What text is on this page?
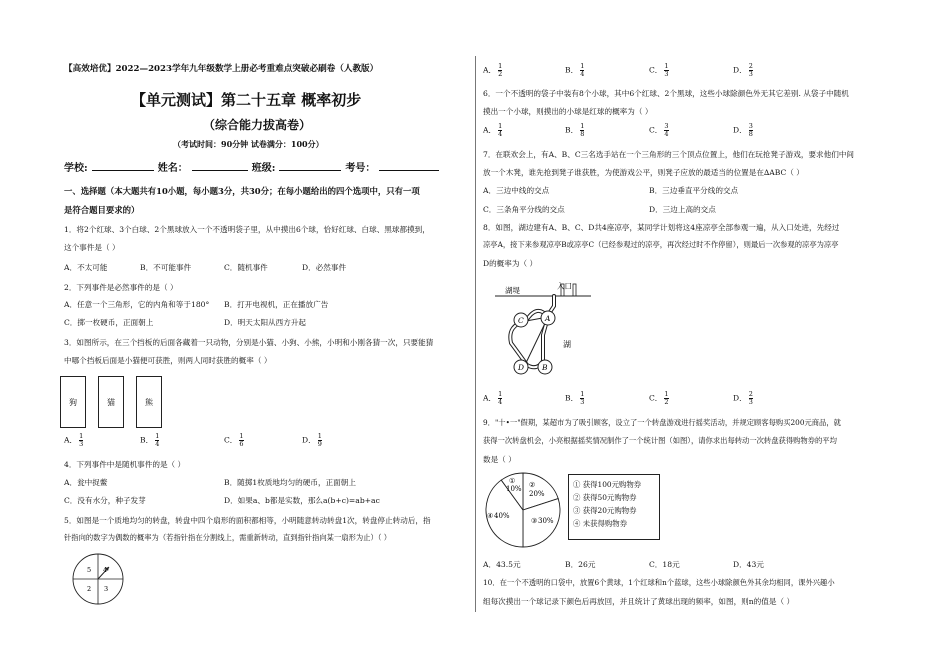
【高效培优】2022—2023学年九年级数学上册必考重难点突破必刷卷（人教版）
【单元测试】第二十五章 概率初步
（综合能力拔高卷）
（考试时间：90分钟 试卷满分：100分）
学校:	姓名：	班级:	考号：
一、选择题（本大题共有10小题，每小题3分，共30分；在每小题给出的四个选项中，只有一项
是符合题目要求的）
1．将2个红球、3个白球、2个黑球放入一个不透明袋子里，从中摸出6个球，恰好红球、白球、黑球都摸到，
这个事件是（ ）
A．不太可能	B．不可能事件	C．随机事件	D．必然事件
2．下列事件是必然事件的是（ ）
A．任意一个三角形，它的内角和等于180° B．打开电视机，正在播放广告
C．掷一枚硬币，正面朝上	D．明天太阳从西方升起
3．如图所示，在三个挡板的后面各藏着一只动物，分别是小猫、小狗、小熊，小明和小刚各猜一次，只要能猜
中哪个挡板后面是小猫便可获胜，则两人同时获胜的概率（ ）
狗	猫	熊
A． $\frac{1}{3}$	B． $\frac{1}{4}$	C． $\frac{1}{6}$	D． $\frac{1}{9}$
4．下列事件中是随机事件的是（ ）
A．瓮中捉鳖	B．随掷1枚质地均匀的硬币，正面朝上
C．没有水分，种子发芽	D．如果a、b都是实数，那么a(b+c)=ab+ac
5．如图是一个质地均匀的转盘，转盘中四个扇形的面积都相等，小明随意转动转盘1次，转盘停止转动后，指
针指向的数字为偶数的概率为（若指针指在分割线上，需重新转动，直到指针指向某一扇形为止）（ ）
5 4
2 3
A． $\frac{1}{2}$	B． $\frac{1}{4}$	C． $\frac{1}{3}$	D． $\frac{2}{3}$
6．一个不透明的袋子中装有8个小球，其中6个红球、2个黑球，这些小球除颜色外无其它差别. 从袋子中随机
摸出一个小球，则摸出的小球是红球的概率为（ ）
A． $\frac{1}{4}$	B． $\frac{1}{8}$	C． $\frac{3}{4}$	D． $\frac{3}{8}$
7．在联欢会上，有A、B、C三名选手站在一个三角形的三个顶点位置上，他们在玩抢凳子游戏，要求他们中间
放一个木凳，谁先抢到凳子谁获胜，为使游戏公平，则凳子应放的最适当的位置是在∆ABC（ ）
A．三边中线的交点	B．三边垂直平分线的交点
C．三条角平分线的交点	D．三边上高的交点
8．如图，湖边建有A、B、C、D共4座凉亭，某同学计划将这4座凉亭全部参观一遍，从入口处进，先经过
凉亭A，接下来参观凉亭B或凉亭C（已经参观过的凉亭，再次经过时不作停留），则最后一次参观的凉亭为凉亭
D的概率为（ ）
湖堤	入口
A
C
D B
湖
A． $\frac{1}{4}$	B． $\frac{1}{3}$	C． $\frac{1}{2}$	D． $\frac{2}{3}$
9．"十•一"假期，某超市为了吸引顾客，设立了一个转盘游戏进行摇奖活动，并规定顾客每购买200元商品，就
获得一次转盘机会，小亮根据摇奖情况制作了一个统计图（如图），请你求出每转动一次转盘获得购物券的平均
数是（ ）
①
10% ②
20%
③ 30%
④ 40%
① 获得100元购物券
② 获得50元购物券
③ 获得20元购物券
④ 未获得购物券
A．43.5元	B．26元	C．18元	D．43元
10．在一个不透明的口袋中，放置6个黄球，1个红球和n个蓝球，这些小球除颜色外其余均相同，课外兴趣小
组每次摸出一个球记录下颜色后再放回，并且统计了黄球出现的频率，如图，则n的值是（ ）
